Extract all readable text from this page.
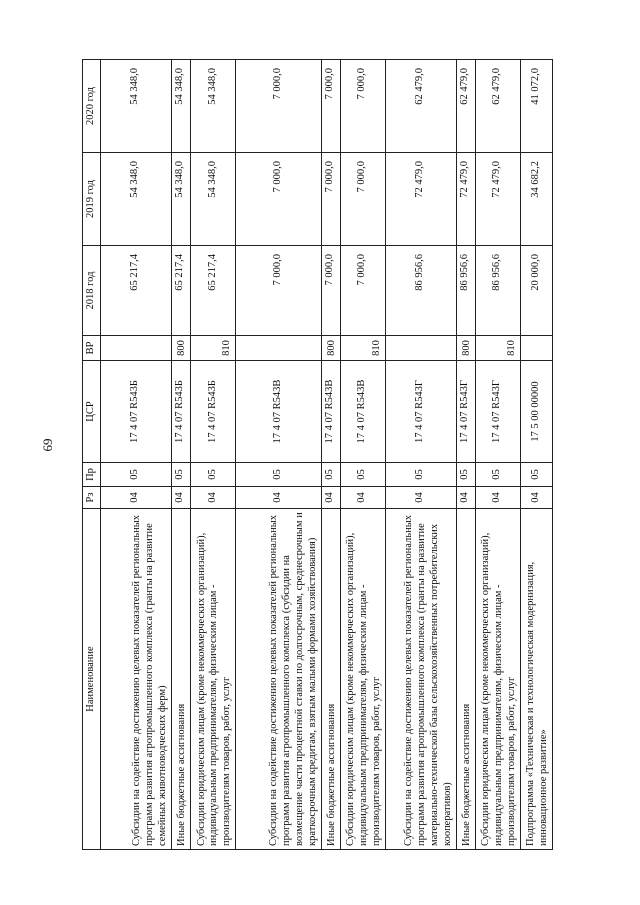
69
Наименование	Рз	Пр	ЦСР	ВР	2018 год	2019 год	2020 год
Субсидии на содействие достижению целевых показателей региональных программ развития агропромышленного комплекса (гранты на развитие семейных животноводческих ферм)	04	05	17 4 07 R543Б		65 217,4	54 348,0	54 348,0
Иные бюджетные ассигнования	04	05	17 4 07 R543Б	800	65 217,4	54 348,0	54 348,0
Субсидии юридическим лицам (кроме некоммерческих организаций), индивидуальным предпринимателям, физическим лицам - производителям товаров, работ, услуг	04	05	17 4 07 R543Б	810	65 217,4	54 348,0	54 348,0
Субсидии на содействие достижению целевых показателей региональных программ развития агропромышленного комплекса (субсидии на возмещение части процентной ставки по долгосрочным, среднесрочным и краткосрочным кредитам, взятым малыми формами хозяйствования)	04	05	17 4 07 R543В		7 000,0	7 000,0	7 000,0
Иные бюджетные ассигнования	04	05	17 4 07 R543В	800	7 000,0	7 000,0	7 000,0
Субсидии юридическим лицам (кроме некоммерческих организаций), индивидуальным предпринимателям, физическим лицам - производителям товаров, работ, услуг	04	05	17 4 07 R543В	810	7 000,0	7 000,0	7 000,0
Субсидии на содействие достижению целевых показателей региональных программ развития агропромышленного комплекса (гранты на развитие материально-технической базы сельскохозяйственных потребительских кооперативов)	04	05	17 4 07 R543Г		86 956,6	72 479,0	62 479,0
Иные бюджетные ассигнования	04	05	17 4 07 R543Г	800	86 956,6	72 479,0	62 479,0
Субсидии юридическим лицам (кроме некоммерческих организаций), индивидуальным предпринимателям, физическим лицам - производителям товаров, работ, услуг	04	05	17 4 07 R543Г	810	86 956,6	72 479,0	62 479,0
Подпрограмма «Техническая и технологическая модернизация, инновационное развитие»	04	05	17 5 00 00000		20 000,0	34 682,2	41 072,0
